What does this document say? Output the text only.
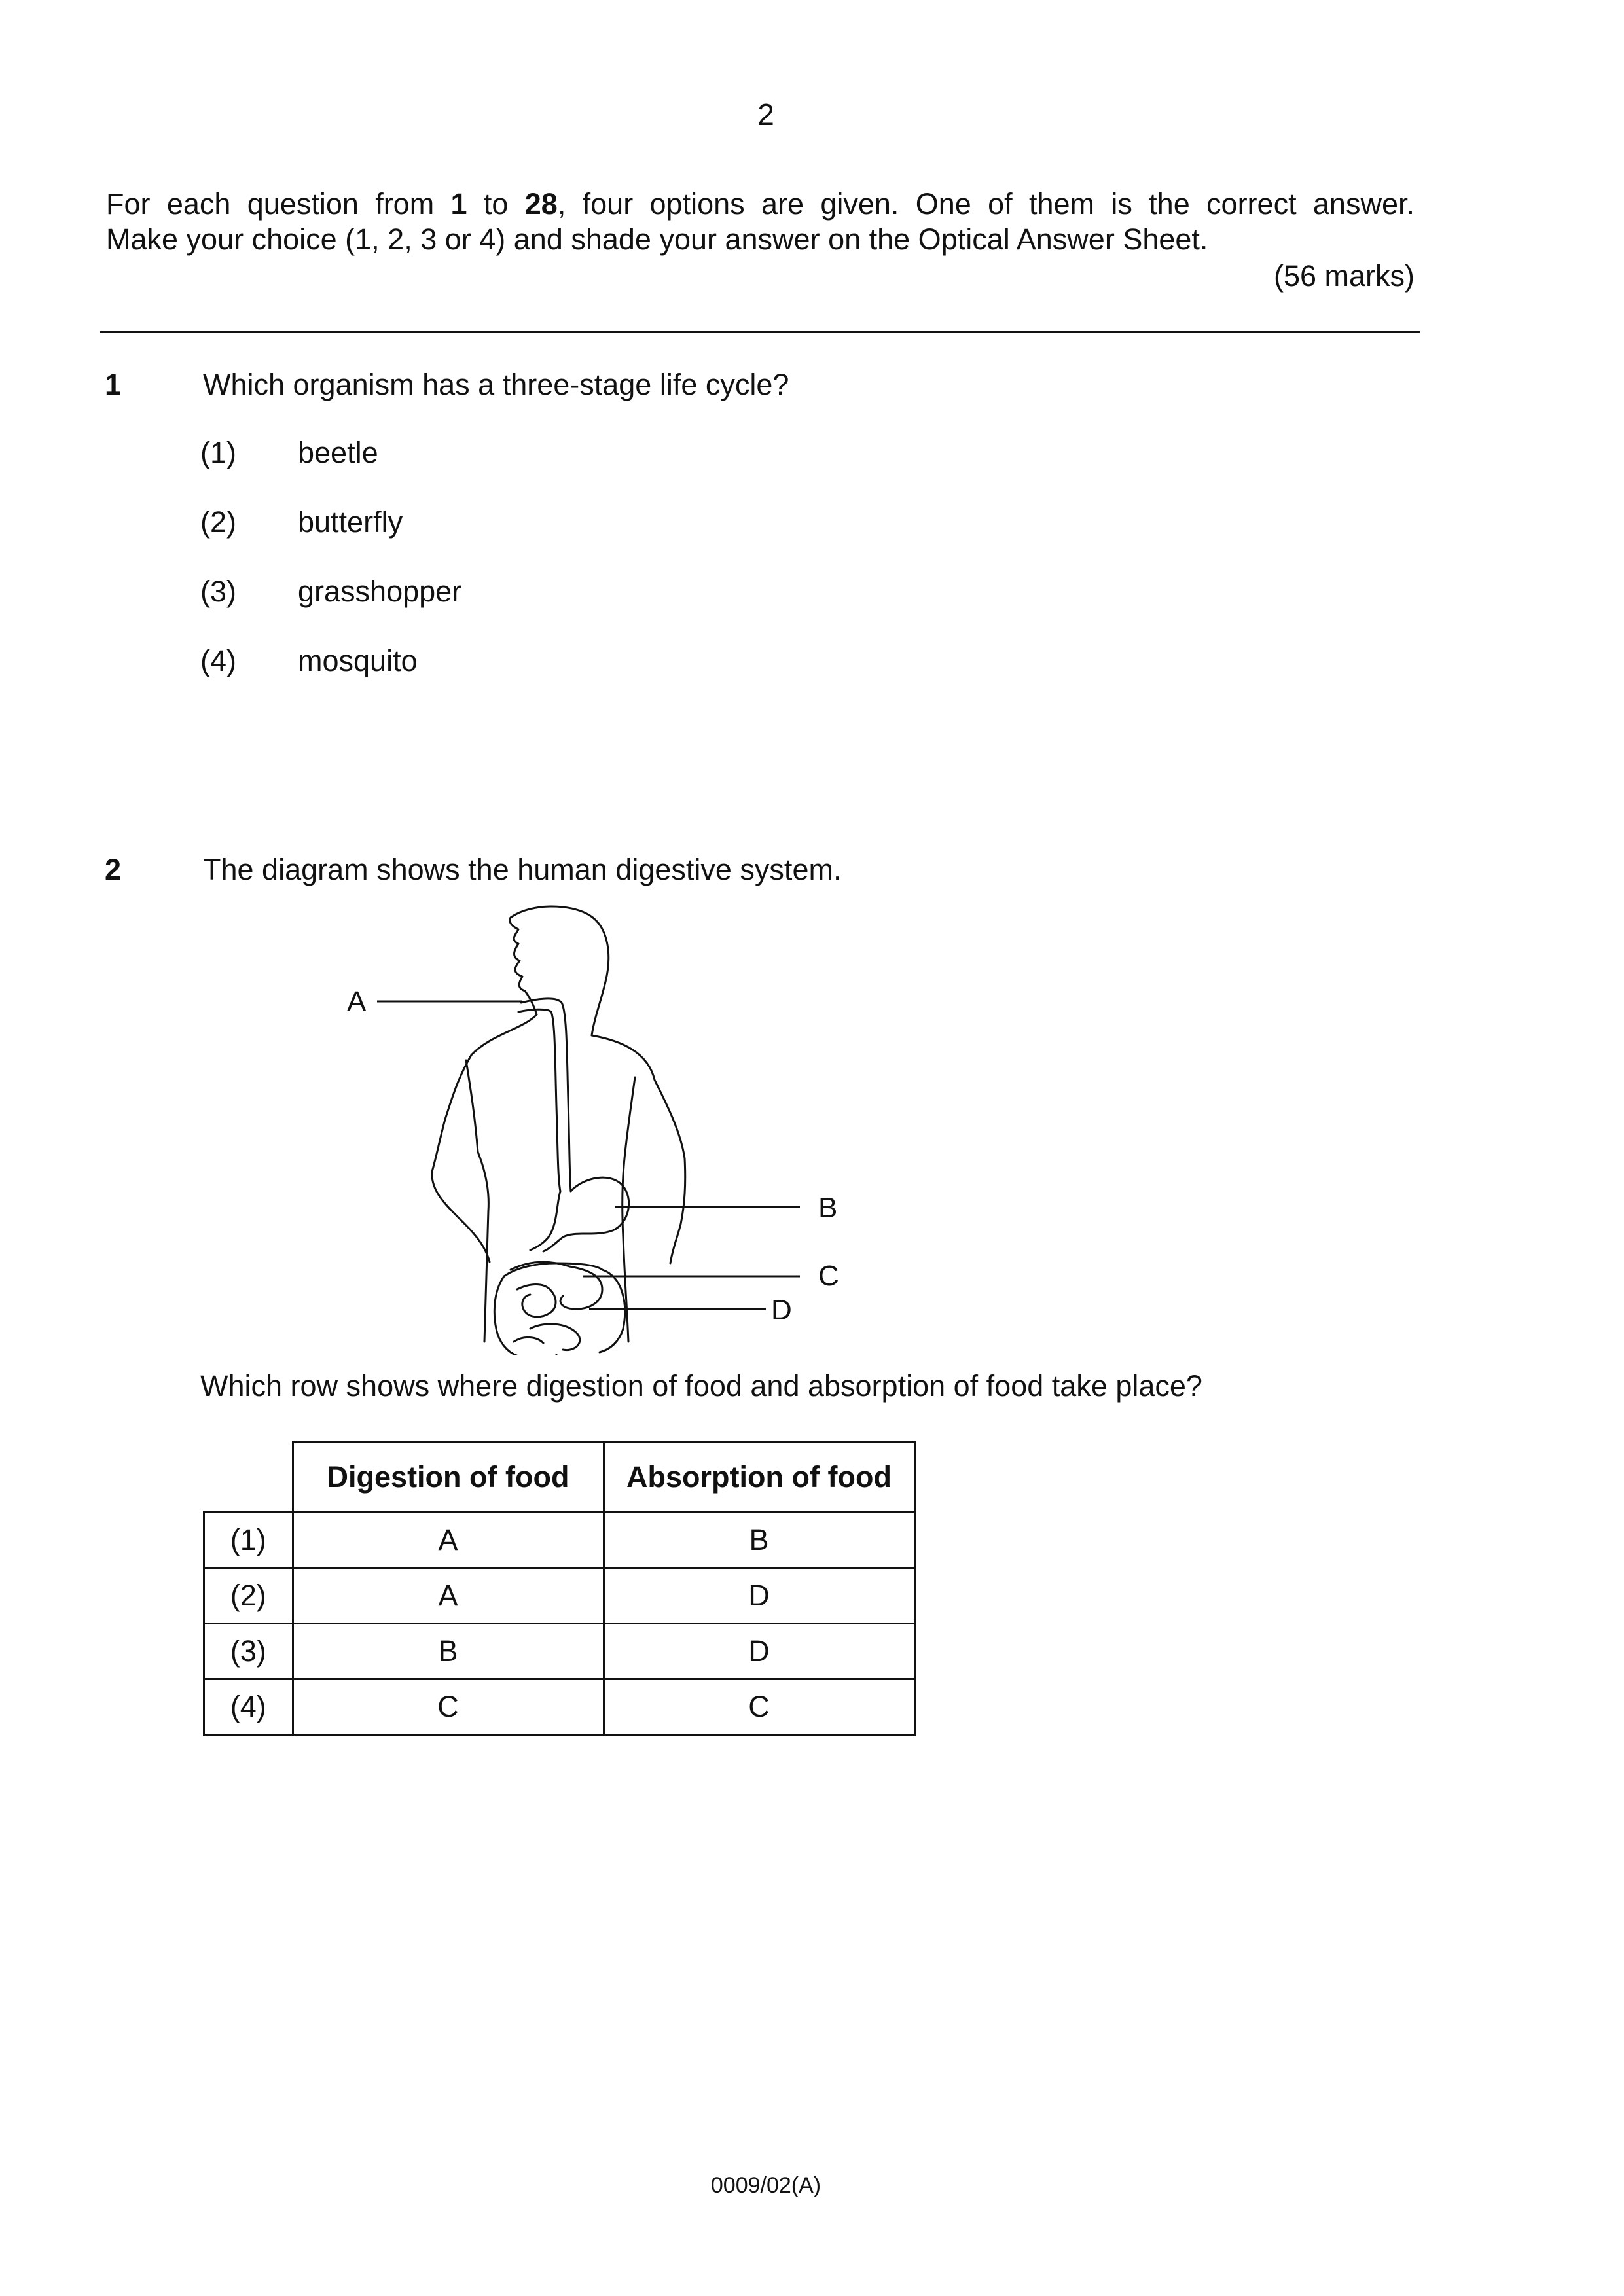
2

For each question from 1 to 28, four options are given. One of them is the correct answer.

Make your choice (1, 2, 3 or 4) and shade your answer on the Optical Answer Sheet.

(56 marks)
1	Which organism has a three-stage life cycle?
(1) beetle
(2) butterfly
(3) grasshopper
(4) mosquito
2	The diagram shows the human digestive system.
A
B
C
D
Which row shows where digestion of food and absorption of food take place?
	Digestion of food	Absorption of food
(1)	A	B
(2)	A	D
(3)	B	D
(4)	C	C
0009/02(A)
